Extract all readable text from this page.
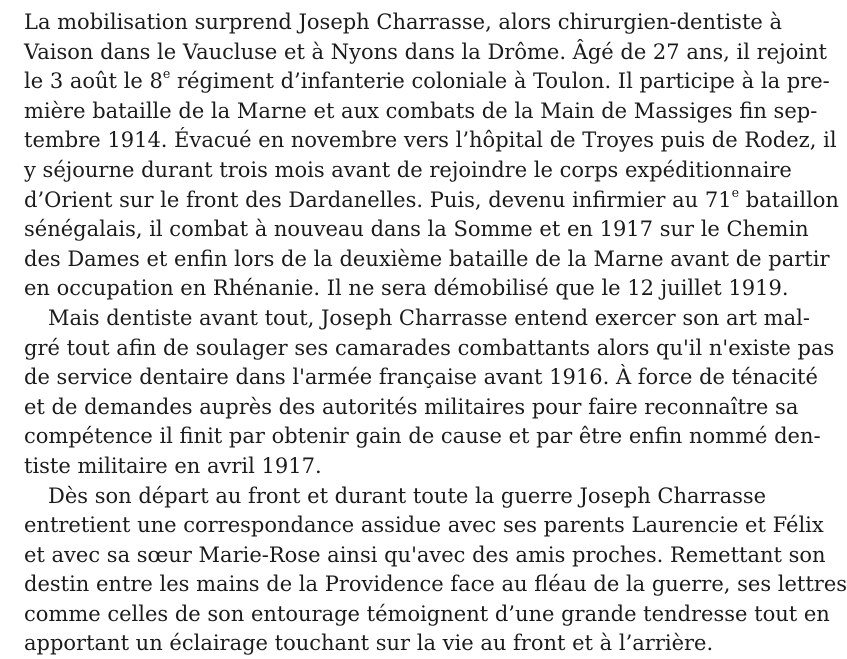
La mobilisation surprend Joseph Charrasse, alors chirurgien-dentiste à
Vaison dans le Vaucluse et à Nyons dans la Drôme. Âgé de 27 ans, il rejoint
le 3 août le 8e régiment d’infanterie coloniale à Toulon. Il participe à la pre-
mière bataille de la Marne et aux combats de la Main de Massiges fin sep-
tembre 1914. Évacué en novembre vers l’hôpital de Troyes puis de Rodez, il
y séjourne durant trois mois avant de rejoindre le corps expéditionnaire
d’Orient sur le front des Dardanelles. Puis, devenu infirmier au 71e bataillon
sénégalais, il combat à nouveau dans la Somme et en 1917 sur le Chemin
des Dames et enfin lors de la deuxième bataille de la Marne avant de partir
en occupation en Rhénanie. Il ne sera démobilisé que le 12 juillet 1919.
Mais dentiste avant tout, Joseph Charrasse entend exercer son art mal-
gré tout afin de soulager ses camarades combattants alors qu'il n'existe pas
de service dentaire dans l'armée française avant 1916. À force de ténacité
et de demandes auprès des autorités militaires pour faire reconnaître sa
compétence il finit par obtenir gain de cause et par être enfin nommé den-
tiste militaire en avril 1917.
Dès son départ au front et durant toute la guerre Joseph Charrasse
entretient une correspondance assidue avec ses parents Laurencie et Félix
et avec sa sœur Marie-Rose ainsi qu'avec des amis proches. Remettant son
destin entre les mains de la Providence face au fléau de la guerre, ses lettres
comme celles de son entourage témoignent d’une grande tendresse tout en
apportant un éclairage touchant sur la vie au front et à l’arrière.
